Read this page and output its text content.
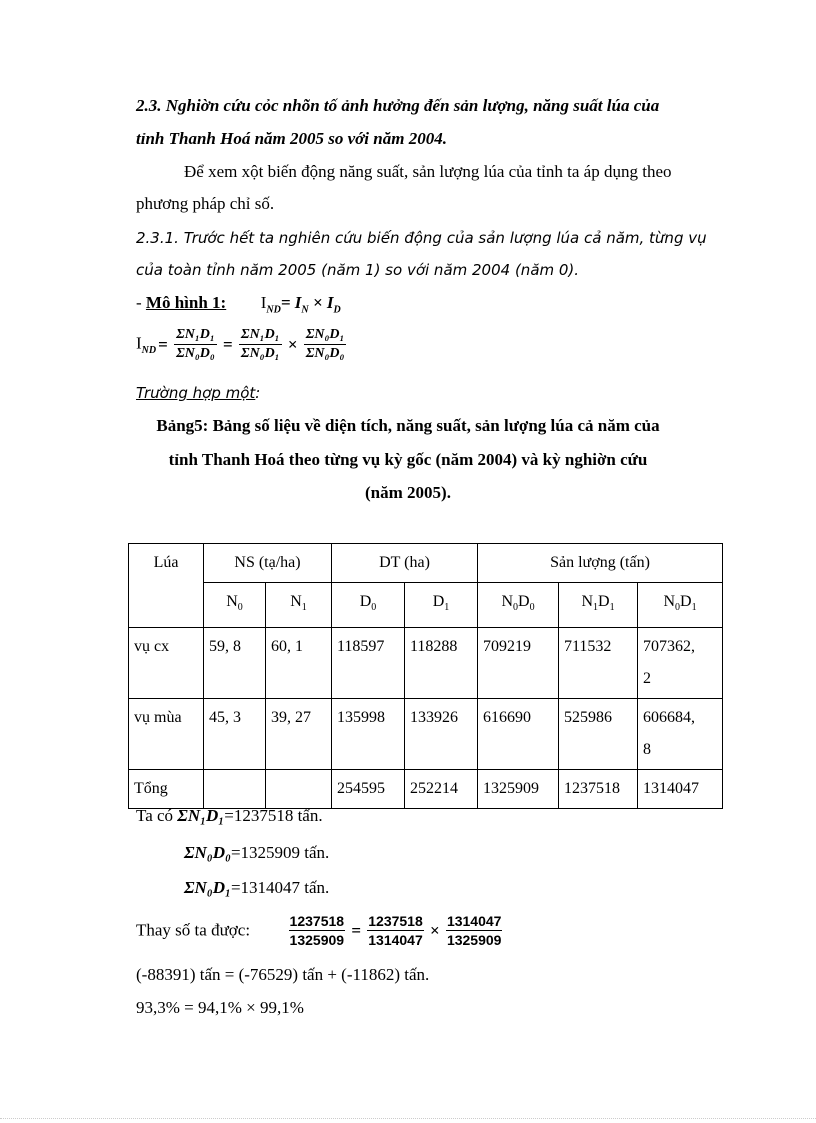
2.3. Nghiờn cứu cỏc nhõn tố ảnh hưởng đến sản lượng, năng suất lúa của
tỉnh Thanh Hoá năm 2005 so với năm 2004.
Để xem xột biến động năng suất, sản lượng lúa của tỉnh ta áp dụng theo
phương pháp chỉ số.
2.3.1. Trước hết ta nghiên cứu biến động của sản lượng lúa cả năm, từng vụ
của toàn tỉnh năm 2005 (năm 1) so với năm 2004 (năm 0).
- Mô hình 1: $I_{ND}= I_N \times I_D$
$I_{ND} = \frac{\text{ΣN₁D₁}}{\text{ΣN₀D₀}} = \frac{\text{ΣN₁D₁}}{\text{ΣN₀D₁}} \times \frac{\text{ΣN₀D₁}}{\text{ΣN₀D₀}}$
Trường hợp một:
Bảng5: Bảng số liệu về diện tích, năng suất, sản lượng lúa cả năm của
tỉnh Thanh Hoá theo từng vụ kỳ gốc (năm 2004) và kỳ nghiờn cứu
(năm 2005).
Lúa	NS (tạ/ha)		DT (ha)		Sản lượng (tấn)		
	$N_0$	$N_1$	$D_0$	$D_1$	$N_0D_0$	$N_1D_1$	$N_0D_1$
vụ cx	59, 8	60, 1	118597	118288	709219	711532	707362,
2
vụ mùa	45, 3	39, 27	135998	133926	616690	525986	606684,
8
Tổng			254595	252214	1325909	1237518	1314047
Ta có ΣN₁D₁=1237518 tấn.
ΣN₀D₀=1325909 tấn.
ΣN₀D₁=1314047 tấn.
Thay số ta được:	$\frac{1237518}{1325909} = \frac{1237518}{1314047} \times \frac{1314047}{1325909}$
(-88391) tấn = (-76529) tấn + (-11862) tấn.
93,3% = 94,1% × 99,1%
